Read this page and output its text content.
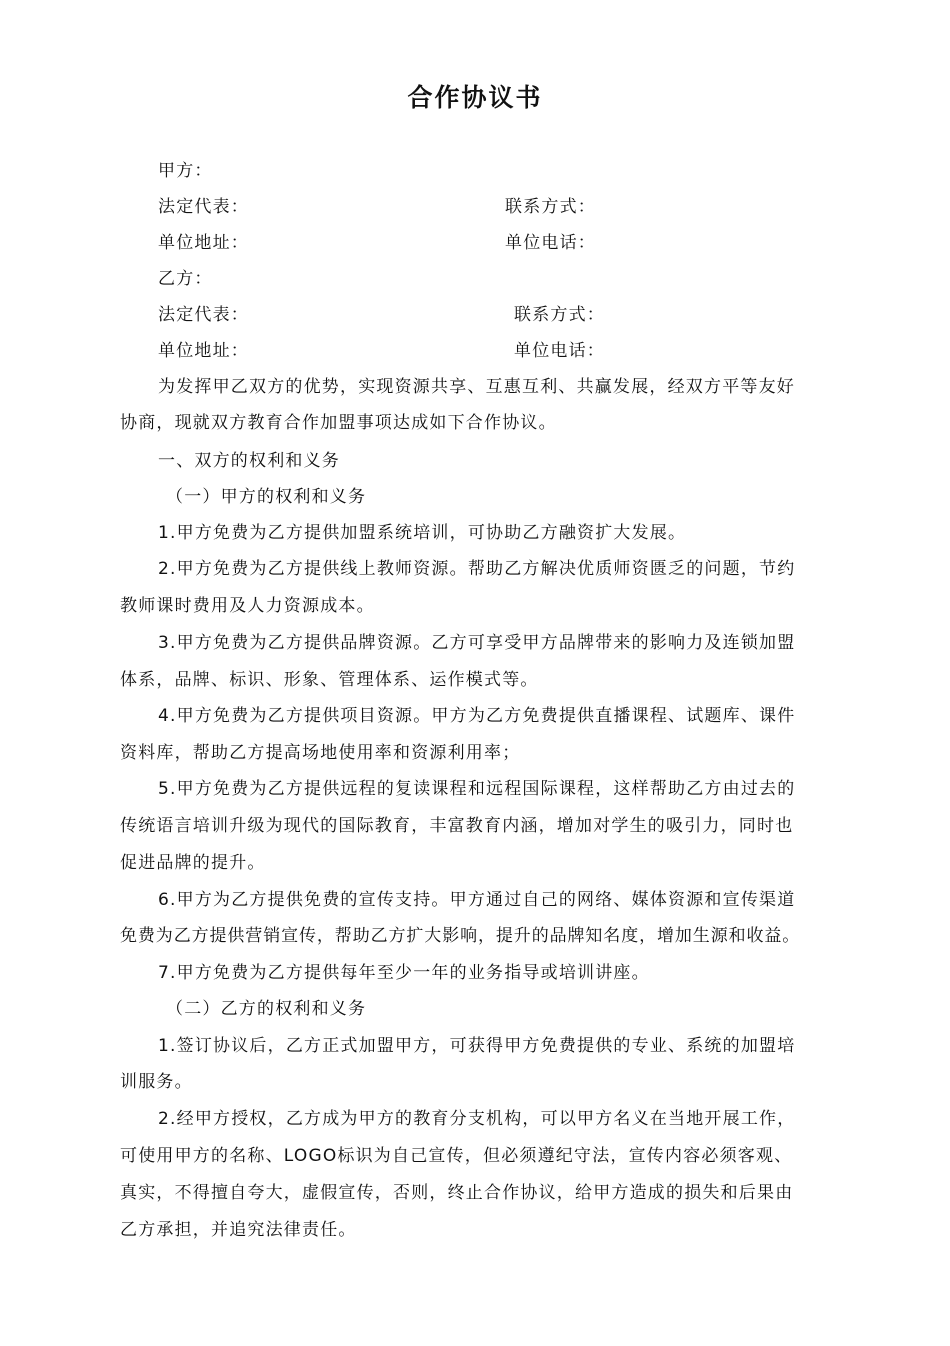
合作协议书
甲方：
法定代表：	联系方式：
单位地址：	单位电话：
乙方：
法定代表：	联系方式：
单位地址：	单位电话：
为发挥甲乙双方的优势，实现资源共享、互惠互利、共赢发展，经双方平等友好
协商，现就双方教育合作加盟事项达成如下合作协议。
一、双方的权利和义务
（一）甲方的权利和义务
1.甲方免费为乙方提供加盟系统培训，可协助乙方融资扩大发展。
2.甲方免费为乙方提供线上教师资源。帮助乙方解决优质师资匮乏的问题，节约
教师课时费用及人力资源成本。
3.甲方免费为乙方提供品牌资源。乙方可享受甲方品牌带来的影响力及连锁加盟
体系，品牌、标识、形象、管理体系、运作模式等。
4.甲方免费为乙方提供项目资源。甲方为乙方免费提供直播课程、试题库、课件
资料库，帮助乙方提高场地使用率和资源利用率；
5.甲方免费为乙方提供远程的复读课程和远程国际课程，这样帮助乙方由过去的
传统语言培训升级为现代的国际教育，丰富教育内涵，增加对学生的吸引力，同时也
促进品牌的提升。
6.甲方为乙方提供免费的宣传支持。甲方通过自己的网络、媒体资源和宣传渠道
免费为乙方提供营销宣传，帮助乙方扩大影响，提升的品牌知名度，增加生源和收益。
7.甲方免费为乙方提供每年至少一年的业务指导或培训讲座。
（二）乙方的权利和义务
1.签订协议后，乙方正式加盟甲方，可获得甲方免费提供的专业、系统的加盟培
训服务。
2.经甲方授权，乙方成为甲方的教育分支机构，可以甲方名义在当地开展工作，
可使用甲方的名称、LOGO标识为自己宣传，但必须遵纪守法，宣传内容必须客观、
真实，不得擅自夸大，虚假宣传，否则，终止合作协议，给甲方造成的损失和后果由
乙方承担，并追究法律责任。
